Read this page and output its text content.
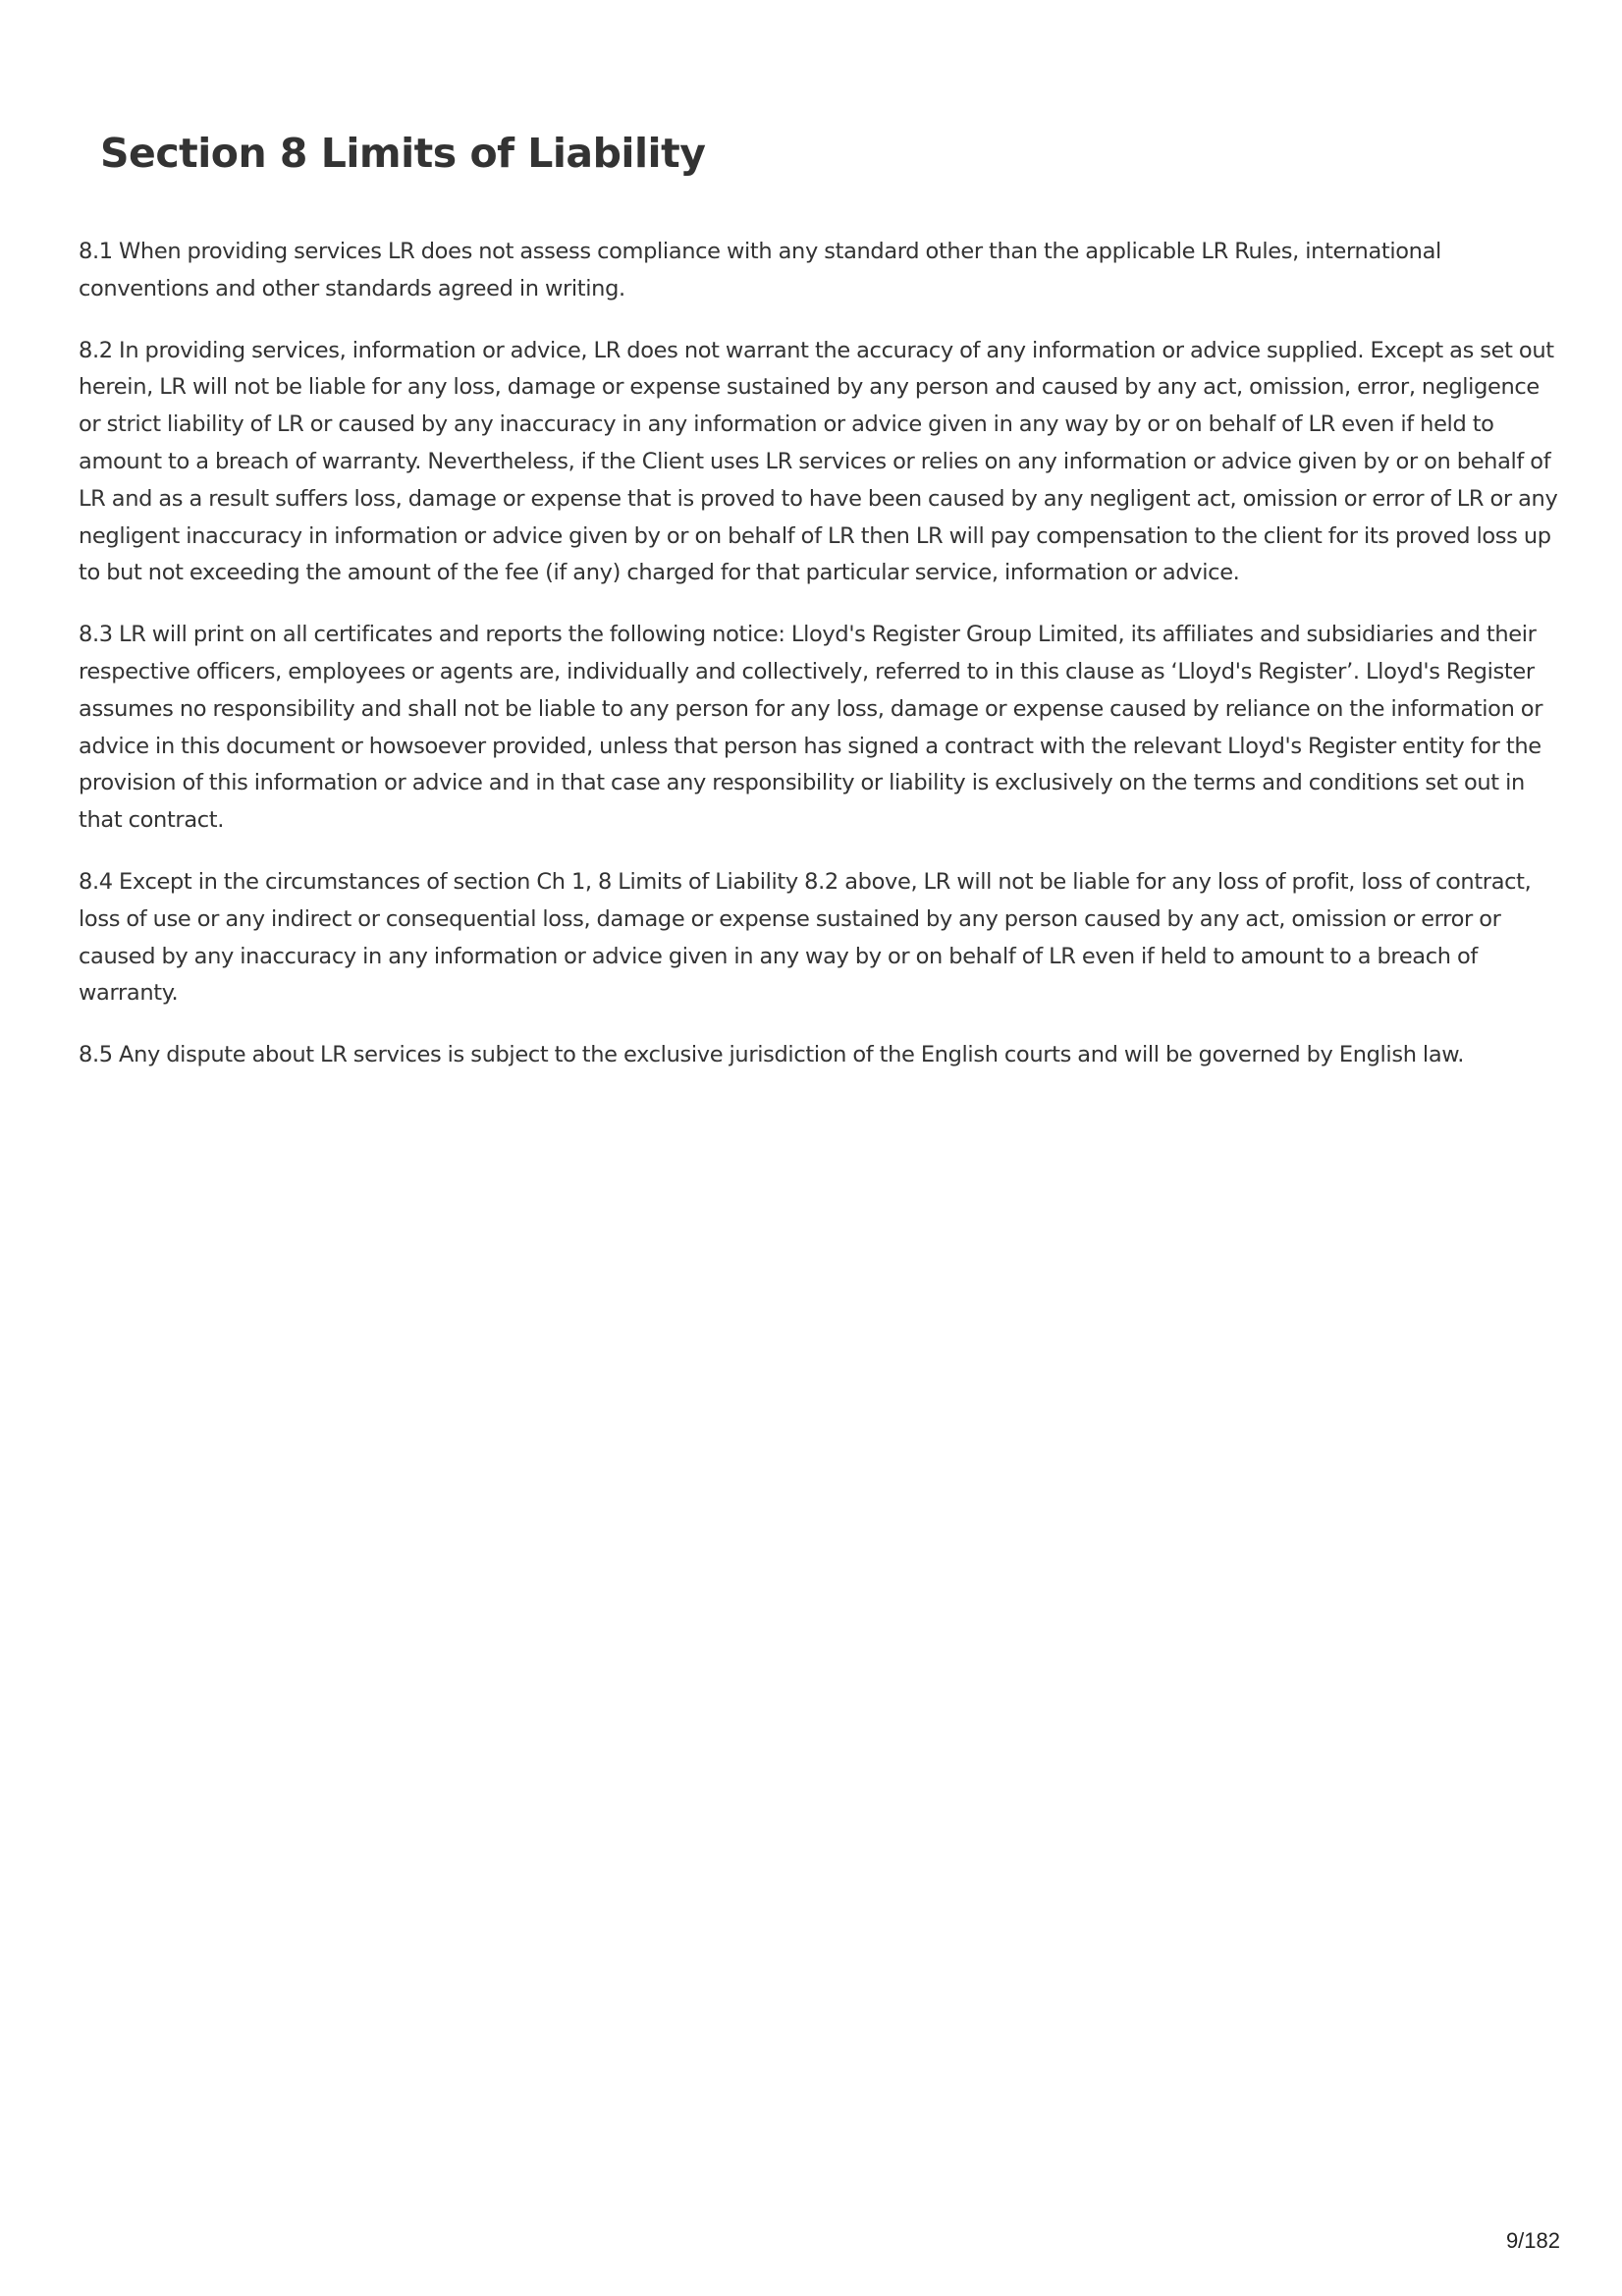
Section 8 Limits of Liability

8.1 When providing services LR does not assess compliance with any standard other than the applicable LR Rules, international conventions and other standards agreed in writing.

8.2 In providing services, information or advice, LR does not warrant the accuracy of any information or advice supplied. Except as set out herein, LR will not be liable for any loss, damage or expense sustained by any person and caused by any act, omission, error, negligence or strict liability of LR or caused by any inaccuracy in any information or advice given in any way by or on behalf of LR even if held to amount to a breach of warranty. Nevertheless, if the Client uses LR services or relies on any information or advice given by or on behalf of LR and as a result suffers loss, damage or expense that is proved to have been caused by any negligent act, omission or error of LR or any negligent inaccuracy in information or advice given by or on behalf of LR then LR will pay compensation to the client for its proved loss up to but not exceeding the amount of the fee (if any) charged for that particular service, information or advice.

8.3 LR will print on all certificates and reports the following notice: Lloyd's Register Group Limited, its affiliates and subsidiaries and their respective officers, employees or agents are, individually and collectively, referred to in this clause as ‘Lloyd's Register’. Lloyd's Register assumes no responsibility and shall not be liable to any person for any loss, damage or expense caused by reliance on the information or advice in this document or howsoever provided, unless that person has signed a contract with the relevant Lloyd's Register entity for the provision of this information or advice and in that case any responsibility or liability is exclusively on the terms and conditions set out in that contract.

8.4 Except in the circumstances of section Ch 1, 8 Limits of Liability 8.2 above, LR will not be liable for any loss of profit, loss of contract, loss of use or any indirect or consequential loss, damage or expense sustained by any person caused by any act, omission or error or caused by any inaccuracy in any information or advice given in any way by or on behalf of LR even if held to amount to a breach of warranty.

8.5 Any dispute about LR services is subject to the exclusive jurisdiction of the English courts and will be governed by English law.

9/182
